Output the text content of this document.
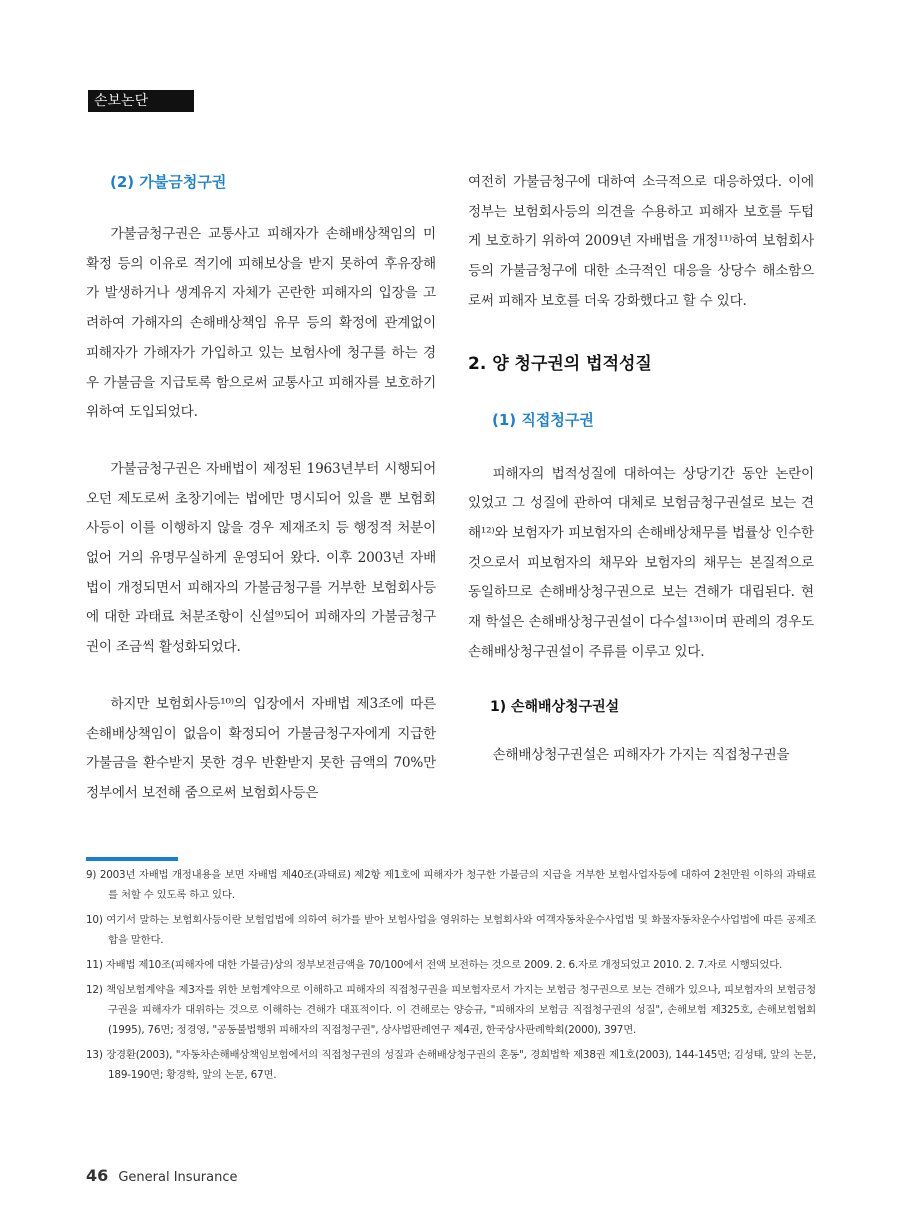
손보논단
(2) 가불금청구권

가불금청구권은 교통사고 피해자가 손해배상책임의 미확정 등의 이유로 적기에 피해보상을 받지 못하여 후유장해가 발생하거나 생계유지 자체가 곤란한 피해자의 입장을 고려하여 가해자의 손해배상책임 유무 등의 확정에 관계없이 피해자가 가해자가 가입하고 있는 보험사에 청구를 하는 경우 가불금을 지급토록 함으로써 교통사고 피해자를 보호하기 위하여 도입되었다.

가불금청구권은 자배법이 제정된 1963년부터 시행되어 오던 제도로써 초창기에는 법에만 명시되어 있을 뿐 보험회사등이 이를 이행하지 않을 경우 제재조치 등 행정적 처분이 없어 거의 유명무실하게 운영되어 왔다. 이후 2003년 자배법이 개정되면서 피해자의 가불금청구를 거부한 보험회사등에 대한 과태료 처분조항이 신설⁹⁾되어 피해자의 가불금청구권이 조금씩 활성화되었다.

하지만 보험회사등¹⁰⁾의 입장에서 자배법 제3조에 따른 손해배상책임이 없음이 확정되어 가불금청구자에게 지급한 가불금을 환수받지 못한 경우 반환받지 못한 금액의 70%만 정부에서 보전해 줌으로써 보험회사등은

여전히 가불금청구에 대하여 소극적으로 대응하였다. 이에 정부는 보험회사등의 의견을 수용하고 피해자 보호를 두텁게 보호하기 위하여 2009년 자배법을 개정¹¹⁾하여 보험회사등의 가불금청구에 대한 소극적인 대응을 상당수 해소함으로써 피해자 보호를 더욱 강화했다고 할 수 있다.

2. 양 청구권의 법적성질
(1) 직접청구권

피해자의 법적성질에 대하여는 상당기간 동안 논란이 있었고 그 성질에 관하여 대체로 보험금청구권설로 보는 견해¹²⁾와 보험자가 피보험자의 손해배상채무를 법률상 인수한 것으로서 피보험자의 채무와 보험자의 채무는 본질적으로 동일하므로 손해배상청구권으로 보는 견해가 대립된다. 현재 학설은 손해배상청구권설이 다수설¹³⁾이며 판례의 경우도 손해배상청구권설이 주류를 이루고 있다.

1) 손해배상청구권설

손해배상청구권설은 피해자가 가지는 직접청구권을

9) 2003년 자배법 개정내용을 보면 자배법 제40조(과태료) 제2항 제1호에 피해자가 청구한 가불금의 지급을 거부한 보험사업자등에 대하여 2천만원 이하의 과태료를 처할 수 있도록 하고 있다.

10) 여기서 말하는 보험회사등이란 보험업법에 의하여 허가를 받아 보험사업을 영위하는 보험회사와 여객자동차운수사업법 및 화물자동차운수사업법에 따른 공제조합을 말한다.

11) 자배법 제10조(피해자에 대한 가불금)상의 정부보전금액을 70/100에서 전액 보전하는 것으로 2009. 2. 6.자로 개정되었고 2010. 2. 7.자로 시행되었다.

12) 책임보험계약을 제3자를 위한 보험계약으로 이해하고 피해자의 직접청구권을 피보험자로서 가지는 보험금 청구권으로 보는 견해가 있으나, 피보험자의 보험금청구권을 피해자가 대위하는 것으로 이해하는 견해가 대표적이다. 이 견해로는 양승규, "피해자의 보험금 직접청구권의 성질", 손해보험 제325호, 손해보험협회(1995), 76면; 정경영, "공동불법행위 피해자의 직접청구권", 상사법판례연구 제4권, 한국상사판례학회(2000), 397면.

13) 장경환(2003), "자동차손해배상책임보험에서의 직접청구권의 성질과 손해배상청구권의 혼동", 경희법학 제38권 제1호(2003), 144-145면; 김성태, 앞의 논문, 189-190면; 황경학, 앞의 논문, 67면.

46 General Insurance
